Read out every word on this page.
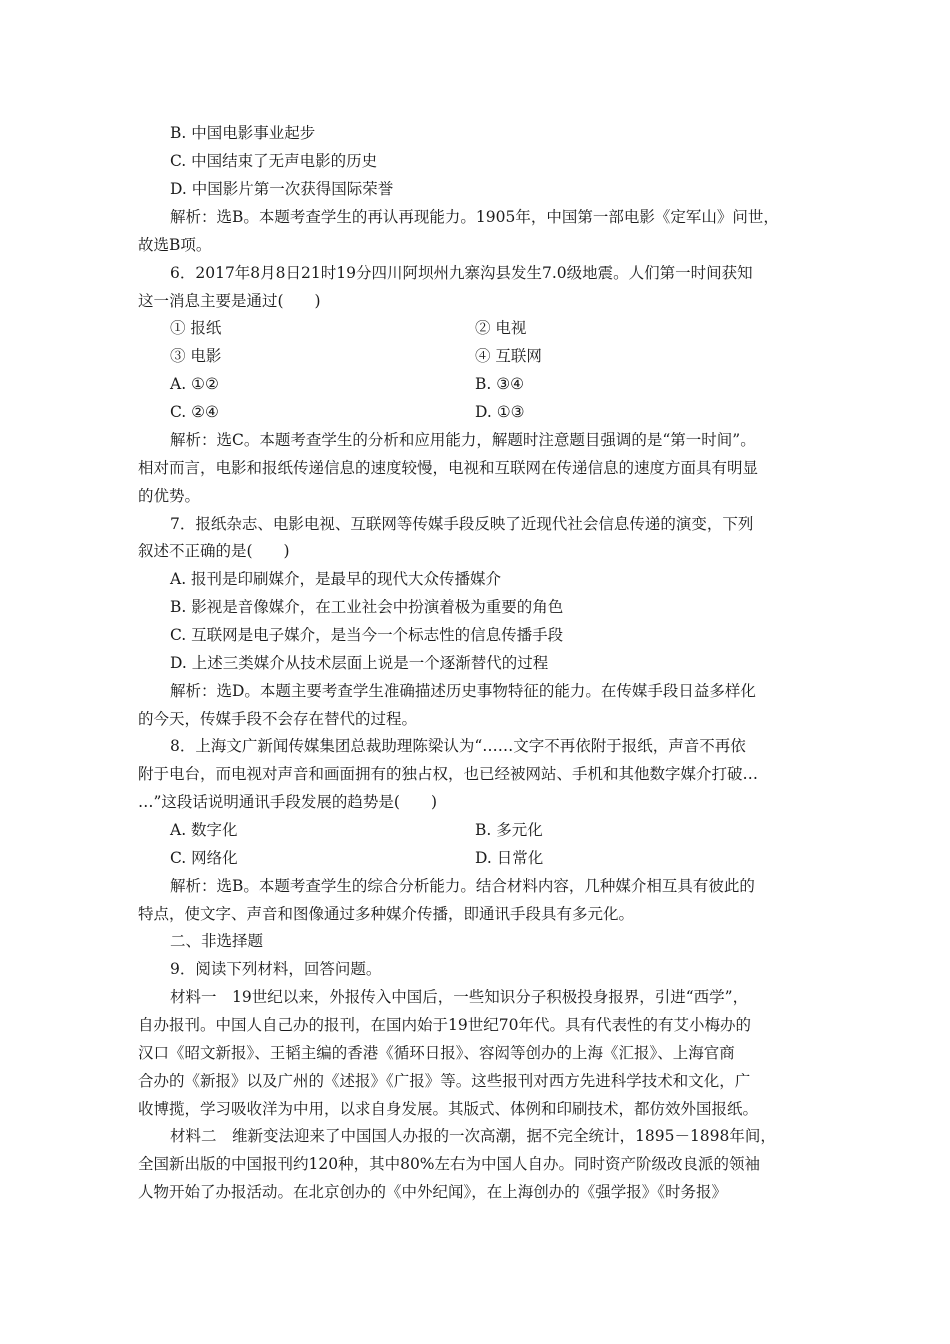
B. 中国电影事业起步
C. 中国结束了无声电影的历史
D. 中国影片第一次获得国际荣誉
解析：选B。本题考查学生的再认再现能力。1905年，中国第一部电影《定军山》问世，
故选B项。
6．2017年8月8日21时19分四川阿坝州九寨沟县发生7.0级地震。人们第一时间获知
这一消息主要是通过(　　)
① 报纸	② 电视
③ 电影	④ 互联网
A. ①②	B. ③④
C. ②④	D. ①③
解析：选C。本题考查学生的分析和应用能力，解题时注意题目强调的是“第一时间”。
相对而言，电影和报纸传递信息的速度较慢，电视和互联网在传递信息的速度方面具有明显
的优势。
7．报纸杂志、电影电视、互联网等传媒手段反映了近现代社会信息传递的演变，下列
叙述不正确的是(　　)
A. 报刊是印刷媒介，是最早的现代大众传播媒介
B. 影视是音像媒介，在工业社会中扮演着极为重要的角色
C. 互联网是电子媒介，是当今一个标志性的信息传播手段
D. 上述三类媒介从技术层面上说是一个逐渐替代的过程
解析：选D。本题主要考查学生准确描述历史事物特征的能力。在传媒手段日益多样化
的今天，传媒手段不会存在替代的过程。
8．上海文广新闻传媒集团总裁助理陈梁认为“……文字不再依附于报纸，声音不再依
附于电台，而电视对声音和画面拥有的独占权，也已经被网站、手机和其他数字媒介打破…
…”这段话说明通讯手段发展的趋势是(　　)
A. 数字化	B. 多元化
C. 网络化	D. 日常化
解析：选B。本题考查学生的综合分析能力。结合材料内容，几种媒介相互具有彼此的
特点，使文字、声音和图像通过多种媒介传播，即通讯手段具有多元化。
二、非选择题
9．阅读下列材料，回答问题。
材料一　19世纪以来，外报传入中国后，一些知识分子积极投身报界，引进“西学”，
自办报刊。中国人自己办的报刊，在国内始于19世纪70年代。具有代表性的有艾小梅办的
汉口《昭文新报》、王韬主编的香港《循环日报》、容闳等创办的上海《汇报》、上海官商
合办的《新报》以及广州的《述报》《广报》等。这些报刊对西方先进科学技术和文化，广
收博揽，学习吸收洋为中用，以求自身发展。其版式、体例和印刷技术，都仿效外国报纸。
材料二　维新变法迎来了中国国人办报的一次高潮，据不完全统计，1895－1898年间，
全国新出版的中国报刊约120种，其中80%左右为中国人自办。同时资产阶级改良派的领袖
人物开始了办报活动。在北京创办的《中外纪闻》，在上海创办的《强学报》《时务报》
